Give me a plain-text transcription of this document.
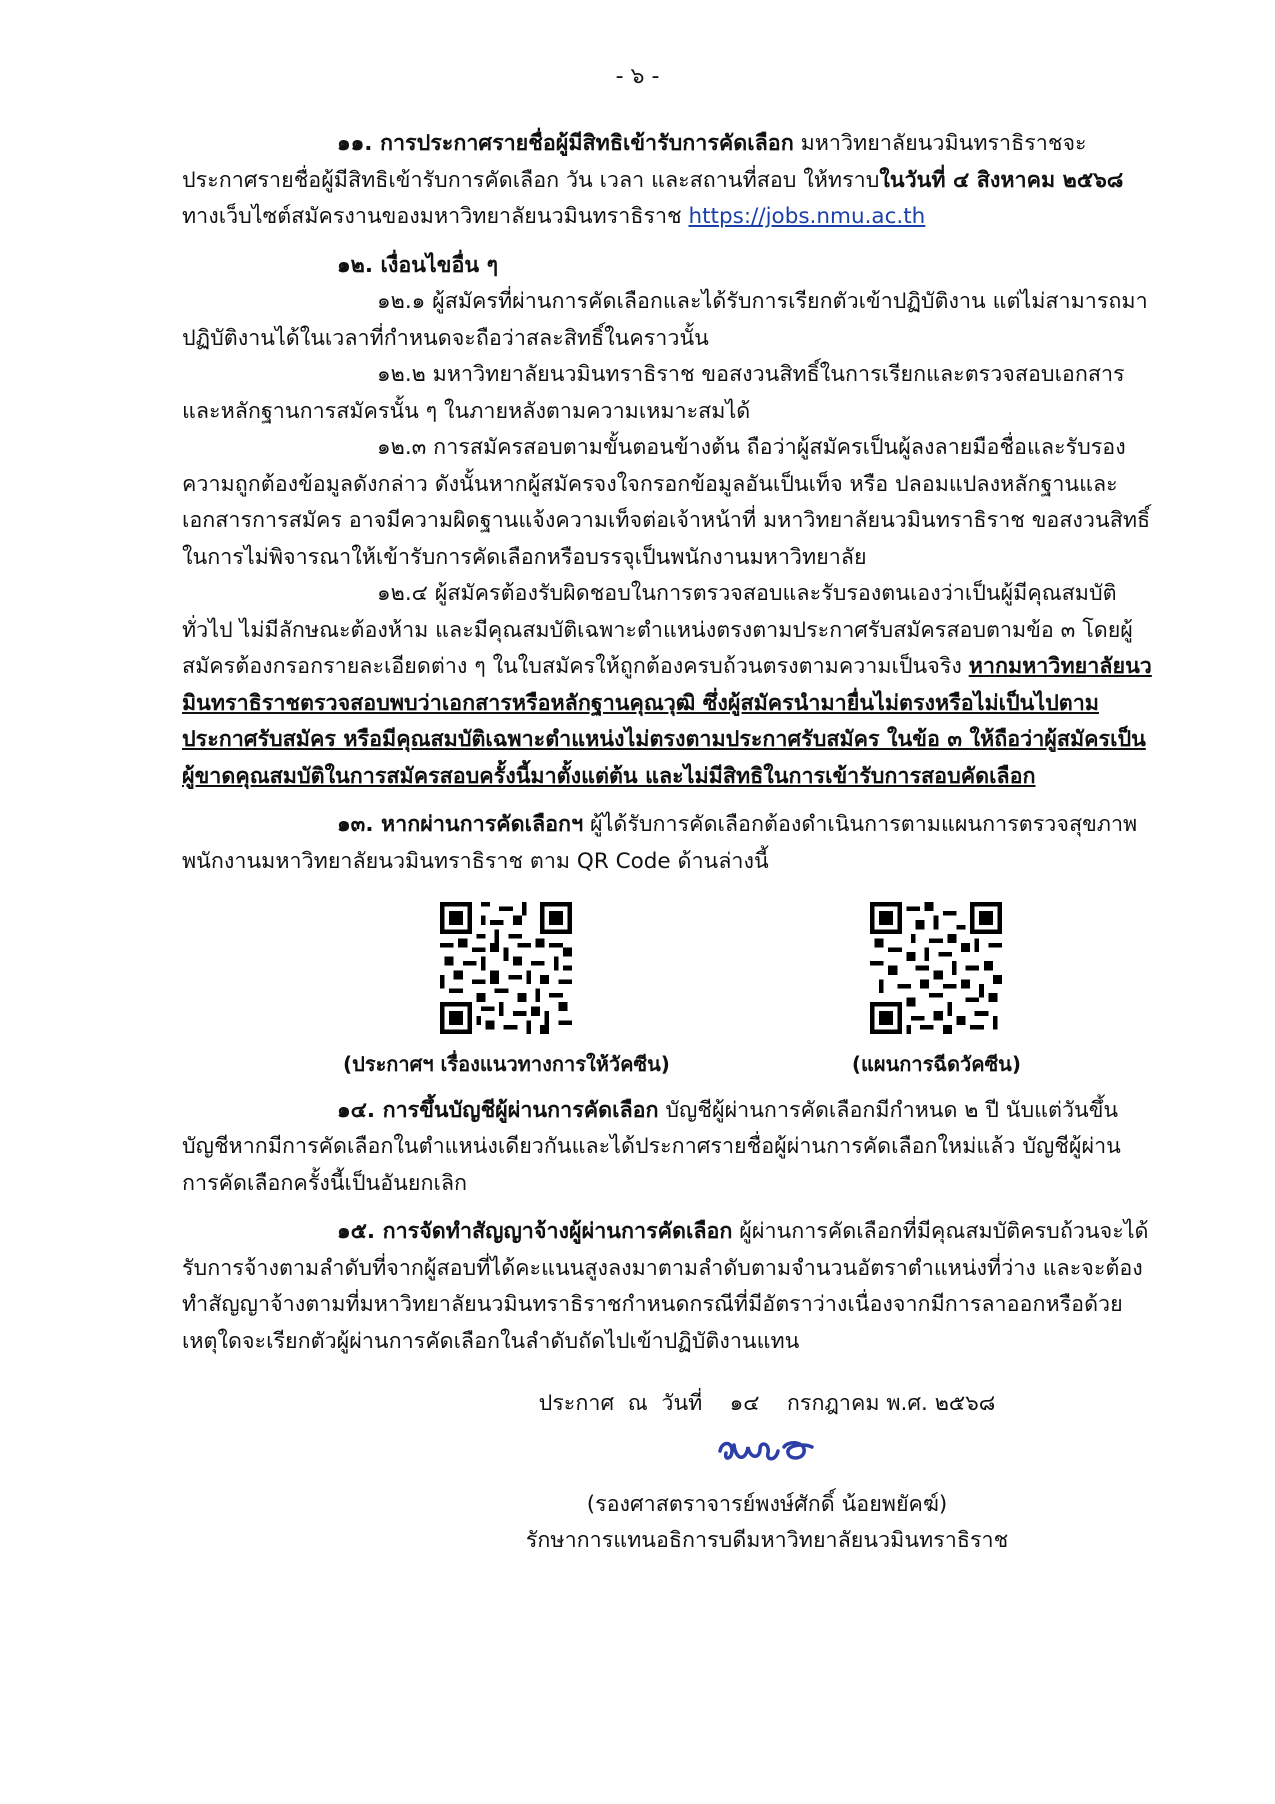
- ๖ -

๑๑. การประกาศรายชื่อผู้มีสิทธิเข้ารับการคัดเลือก มหาวิทยาลัยนวมินทราธิราชจะประกาศรายชื่อผู้มีสิทธิเข้ารับการคัดเลือก วัน เวลา และสถานที่สอบ ให้ทราบในวันที่ ๔ สิงหาคม ๒๕๖๘ ทางเว็บไซต์สมัครงานของมหาวิทยาลัยนวมินทราธิราช https://jobs.nmu.ac.th

๑๒. เงื่อนไขอื่น ๆ

๑๒.๑ ผู้สมัครที่ผ่านการคัดเลือกและได้รับการเรียกตัวเข้าปฏิบัติงาน แต่ไม่สามารถมาปฏิบัติงานได้ในเวลาที่กำหนดจะถือว่าสละสิทธิ์ในคราวนั้น

๑๒.๒ มหาวิทยาลัยนวมินทราธิราช ขอสงวนสิทธิ์ในการเรียกและตรวจสอบเอกสารและหลักฐานการสมัครนั้น ๆ ในภายหลังตามความเหมาะสมได้

๑๒.๓ การสมัครสอบตามขั้นตอนข้างต้น ถือว่าผู้สมัครเป็นผู้ลงลายมือชื่อและรับรองความถูกต้องข้อมูลดังกล่าว ดังนั้นหากผู้สมัครจงใจกรอกข้อมูลอันเป็นเท็จ หรือ ปลอมแปลงหลักฐานและเอกสารการสมัคร อาจมีความผิดฐานแจ้งความเท็จต่อเจ้าหน้าที่ มหาวิทยาลัยนวมินทราธิราช ขอสงวนสิทธิ์ในการไม่พิจารณาให้เข้ารับการคัดเลือกหรือบรรจุเป็นพนักงานมหาวิทยาลัย

๑๒.๔ ผู้สมัครต้องรับผิดชอบในการตรวจสอบและรับรองตนเองว่าเป็นผู้มีคุณสมบัติทั่วไป ไม่มีลักษณะต้องห้าม และมีคุณสมบัติเฉพาะตำแหน่งตรงตามประกาศรับสมัครสอบตามข้อ ๓ โดยผู้สมัครต้องกรอกรายละเอียดต่าง ๆ ในใบสมัครให้ถูกต้องครบถ้วนตรงตามความเป็นจริง หากมหาวิทยาลัยนวมินทราธิราชตรวจสอบพบว่าเอกสารหรือหลักฐานคุณวุฒิ ซึ่งผู้สมัครนำมายื่นไม่ตรงหรือไม่เป็นไปตามประกาศรับสมัคร หรือมีคุณสมบัติเฉพาะตำแหน่งไม่ตรงตามประกาศรับสมัคร ในข้อ ๓ ให้ถือว่าผู้สมัครเป็นผู้ขาดคุณสมบัติในการสมัครสอบครั้งนี้มาตั้งแต่ต้น และไม่มีสิทธิในการเข้ารับการสอบคัดเลือก

๑๓. หากผ่านการคัดเลือกฯ ผู้ได้รับการคัดเลือกต้องดำเนินการตามแผนการตรวจสุขภาพพนักงานมหาวิทยาลัยนวมินทราธิราช ตาม QR Code ด้านล่างนี้

(ประกาศฯ เรื่องแนวทางการให้วัคซีน)	(แผนการฉีดวัคซีน)

๑๔. การขึ้นบัญชีผู้ผ่านการคัดเลือก บัญชีผู้ผ่านการคัดเลือกมีกำหนด ๒ ปี นับแต่วันขึ้นบัญชีหากมีการคัดเลือกในตำแหน่งเดียวกันและได้ประกาศรายชื่อผู้ผ่านการคัดเลือกใหม่แล้ว บัญชีผู้ผ่านการคัดเลือกครั้งนี้เป็นอันยกเลิก

๑๕. การจัดทำสัญญาจ้างผู้ผ่านการคัดเลือก ผู้ผ่านการคัดเลือกที่มีคุณสมบัติครบถ้วนจะได้รับการจ้างตามลำดับที่จากผู้สอบที่ได้คะแนนสูงลงมาตามลำดับตามจำนวนอัตราตำแหน่งที่ว่าง และจะต้องทำสัญญาจ้างตามที่มหาวิทยาลัยนวมินทราธิราชกำหนดกรณีที่มีอัตราว่างเนื่องจากมีการลาออกหรือด้วยเหตุใดจะเรียกตัวผู้ผ่านการคัดเลือกในลำดับถัดไปเข้าปฏิบัติงานแทน

ประกาศ  ณ  วันที่    ๑๔    กรกฎาคม พ.ศ. ๒๕๖๘
(รองศาสตราจารย์พงษ์ศักดิ์ น้อยพยัคฆ์)
รักษาการแทนอธิการบดีมหาวิทยาลัยนวมินทราธิราช
